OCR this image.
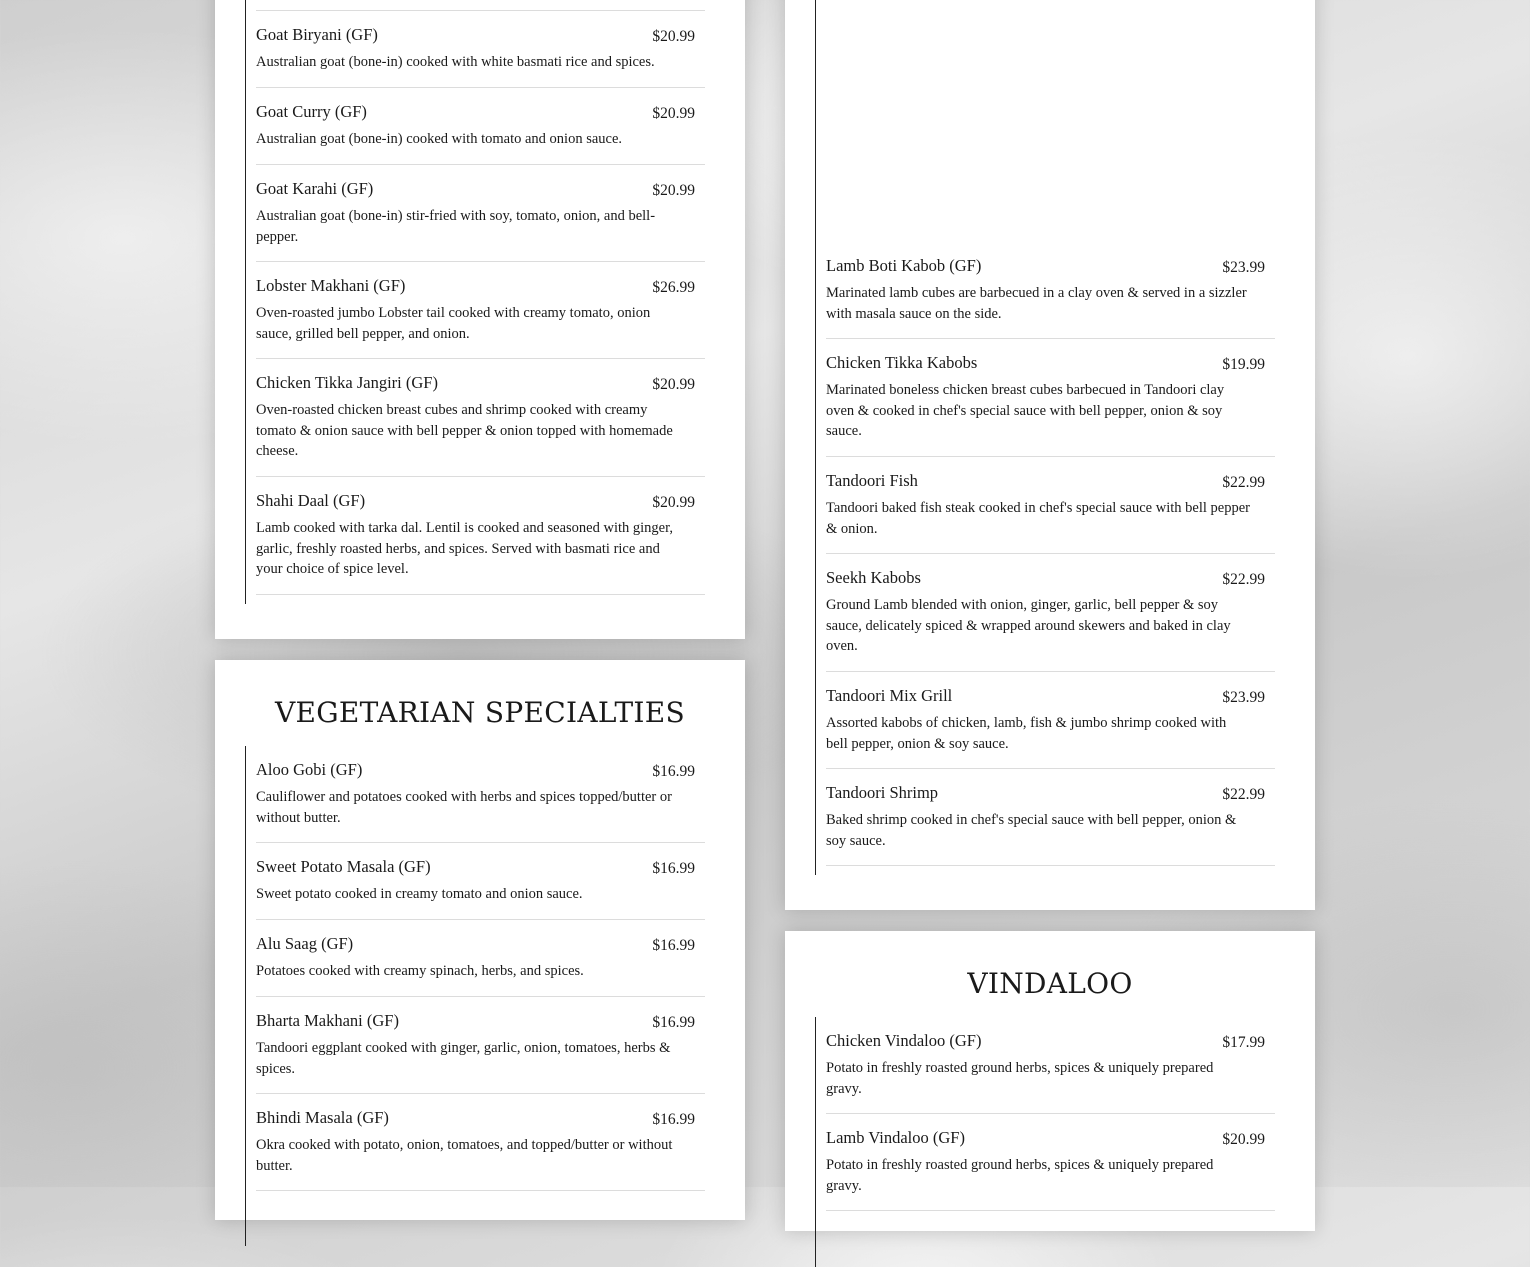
Goat Biryani (GF)	$20.99
Australian goat (bone-in) cooked with white basmati rice and spices.
Goat Curry (GF)	$20.99
Australian goat (bone-in) cooked with tomato and onion sauce.
Goat Karahi (GF)	$20.99
Australian goat (bone-in) stir-fried with soy, tomato, onion, and bell-pepper.
Lobster Makhani (GF)	$26.99
Oven-roasted jumbo Lobster tail cooked with creamy tomato, onion sauce, grilled bell pepper, and onion.
Chicken Tikka Jangiri (GF)	$20.99
Oven-roasted chicken breast cubes and shrimp cooked with creamy tomato & onion sauce with bell pepper & onion topped with homemade cheese.
Shahi Daal (GF)	$20.99
Lamb cooked with tarka dal. Lentil is cooked and seasoned with ginger, garlic, freshly roasted herbs, and spices. Served with basmati rice and your choice of spice level.
VEGETARIAN SPECIALTIES
Aloo Gobi (GF)	$16.99
Cauliflower and potatoes cooked with herbs and spices topped/butter or without butter.
Sweet Potato Masala (GF)	$16.99
Sweet potato cooked in creamy tomato and onion sauce.
Alu Saag (GF)	$16.99
Potatoes cooked with creamy spinach, herbs, and spices.
Bharta Makhani (GF)	$16.99
Tandoori eggplant cooked with ginger, garlic, onion, tomatoes, herbs & spices.
Bhindi Masala (GF)	$16.99
Okra cooked with potato, onion, tomatoes, and topped/butter or without butter.
Lamb Boti Kabob (GF)	$23.99
Marinated lamb cubes are barbecued in a clay oven & served in a sizzler with masala sauce on the side.
Chicken Tikka Kabobs	$19.99
Marinated boneless chicken breast cubes barbecued in Tandoori clay oven & cooked in chef's special sauce with bell pepper, onion & soy sauce.
Tandoori Fish	$22.99
Tandoori baked fish steak cooked in chef's special sauce with bell pepper & onion.
Seekh Kabobs	$22.99
Ground Lamb blended with onion, ginger, garlic, bell pepper & soy sauce, delicately spiced & wrapped around skewers and baked in clay oven.
Tandoori Mix Grill	$23.99
Assorted kabobs of chicken, lamb, fish & jumbo shrimp cooked with bell pepper, onion & soy sauce.
Tandoori Shrimp	$22.99
Baked shrimp cooked in chef's special sauce with bell pepper, onion & soy sauce.
VINDALOO
Chicken Vindaloo (GF)	$17.99
Potato in freshly roasted ground herbs, spices & uniquely prepared gravy.
Lamb Vindaloo (GF)	$20.99
Potato in freshly roasted ground herbs, spices & uniquely prepared gravy.
